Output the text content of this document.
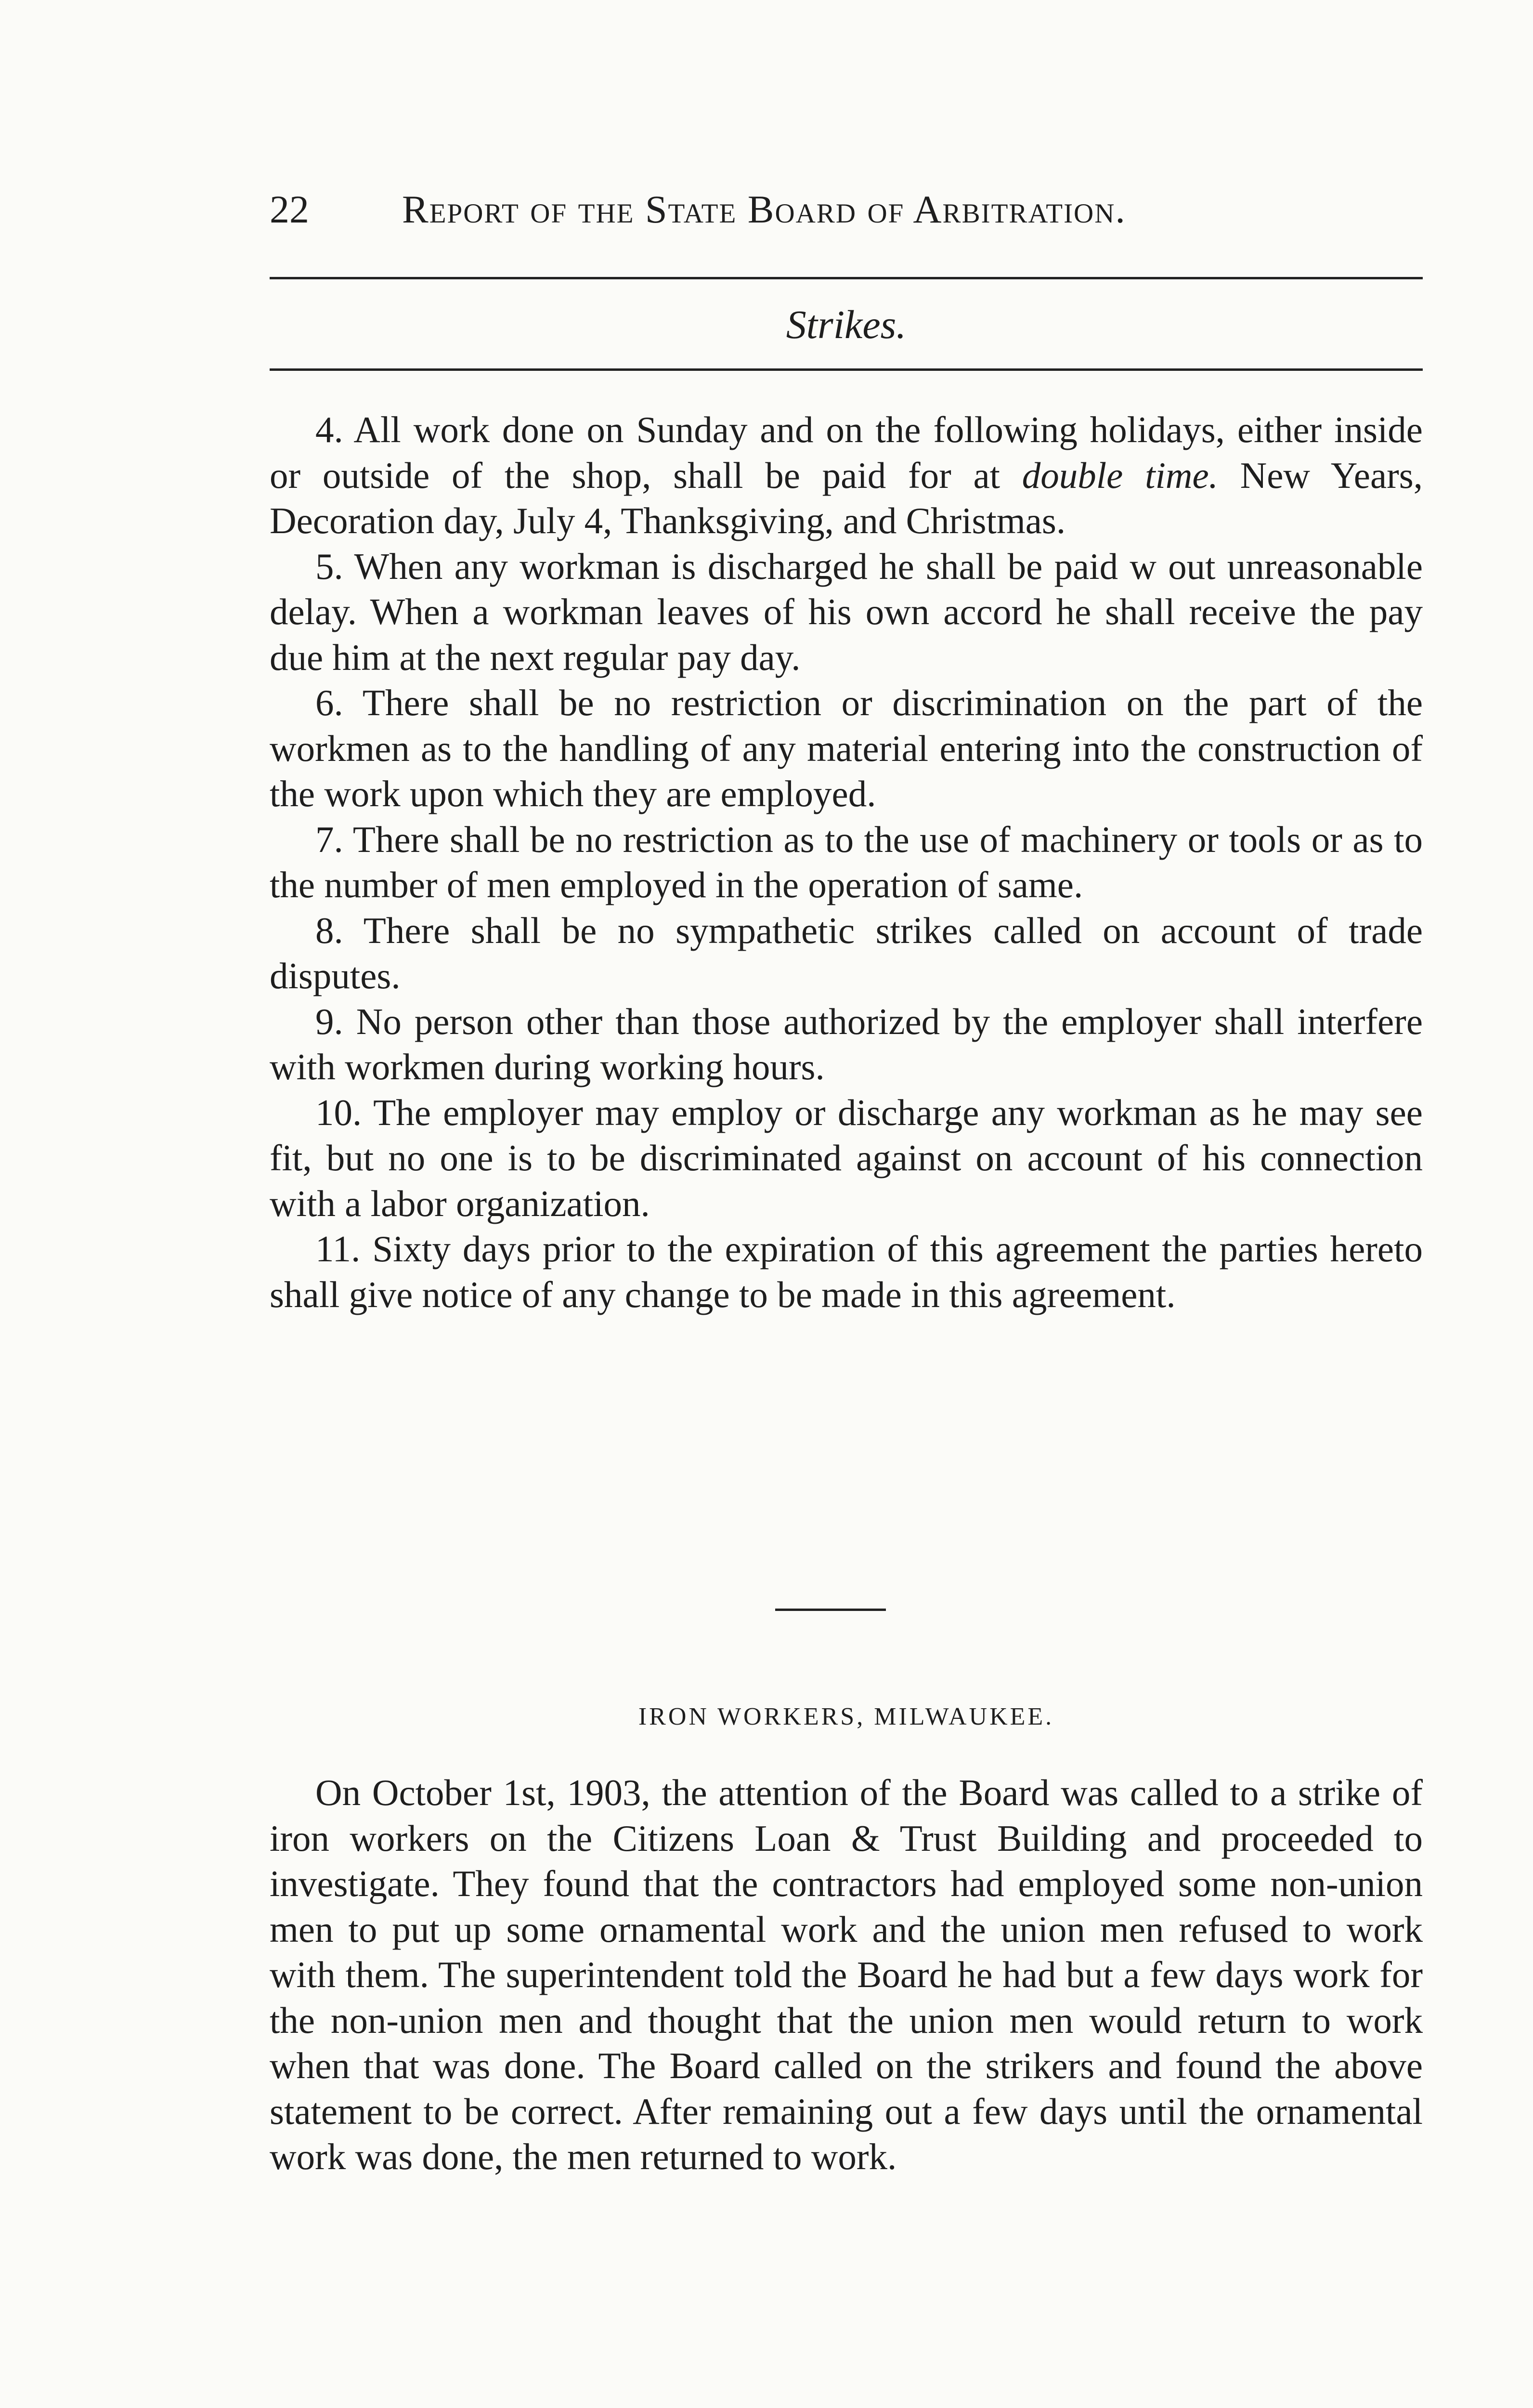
22 Report of the State Board of Arbitration.
Strikes.

4. All work done on Sunday and on the following holidays, either inside or outside of the shop, shall be paid for at double time. New Years, Decoration day, July 4, Thanksgiving, and Christmas.

5. When any workman is discharged he shall be paid w out unreasonable delay. When a workman leaves of his own accord he shall receive the pay due him at the next regular pay day.

6. There shall be no restriction or discrimination on the part of the workmen as to the handling of any material entering into the construction of the work upon which they are employed.

7. There shall be no restriction as to the use of machinery or tools or as to the number of men employed in the operation of same.

8. There shall be no sympathetic strikes called on account of trade disputes.

9. No person other than those authorized by the employer shall interfere with workmen during working hours.

10. The employer may employ or discharge any workman as he may see fit, but no one is to be discriminated against on account of his connection with a labor organization.

11. Sixty days prior to the expiration of this agreement the parties hereto shall give notice of any change to be made in this agreement.

IRON WORKERS, MILWAUKEE.

On October 1st, 1903, the attention of the Board was called to a strike of iron workers on the Citizens Loan & Trust Building and proceeded to investigate. They found that the contractors had employed some non-union men to put up some ornamental work and the union men refused to work with them. The superintendent told the Board he had but a few days work for the non-union men and thought that the union men would return to work when that was done. The Board called on the strikers and found the above statement to be correct. After remaining out a few days until the ornamental work was done, the men returned to work.
